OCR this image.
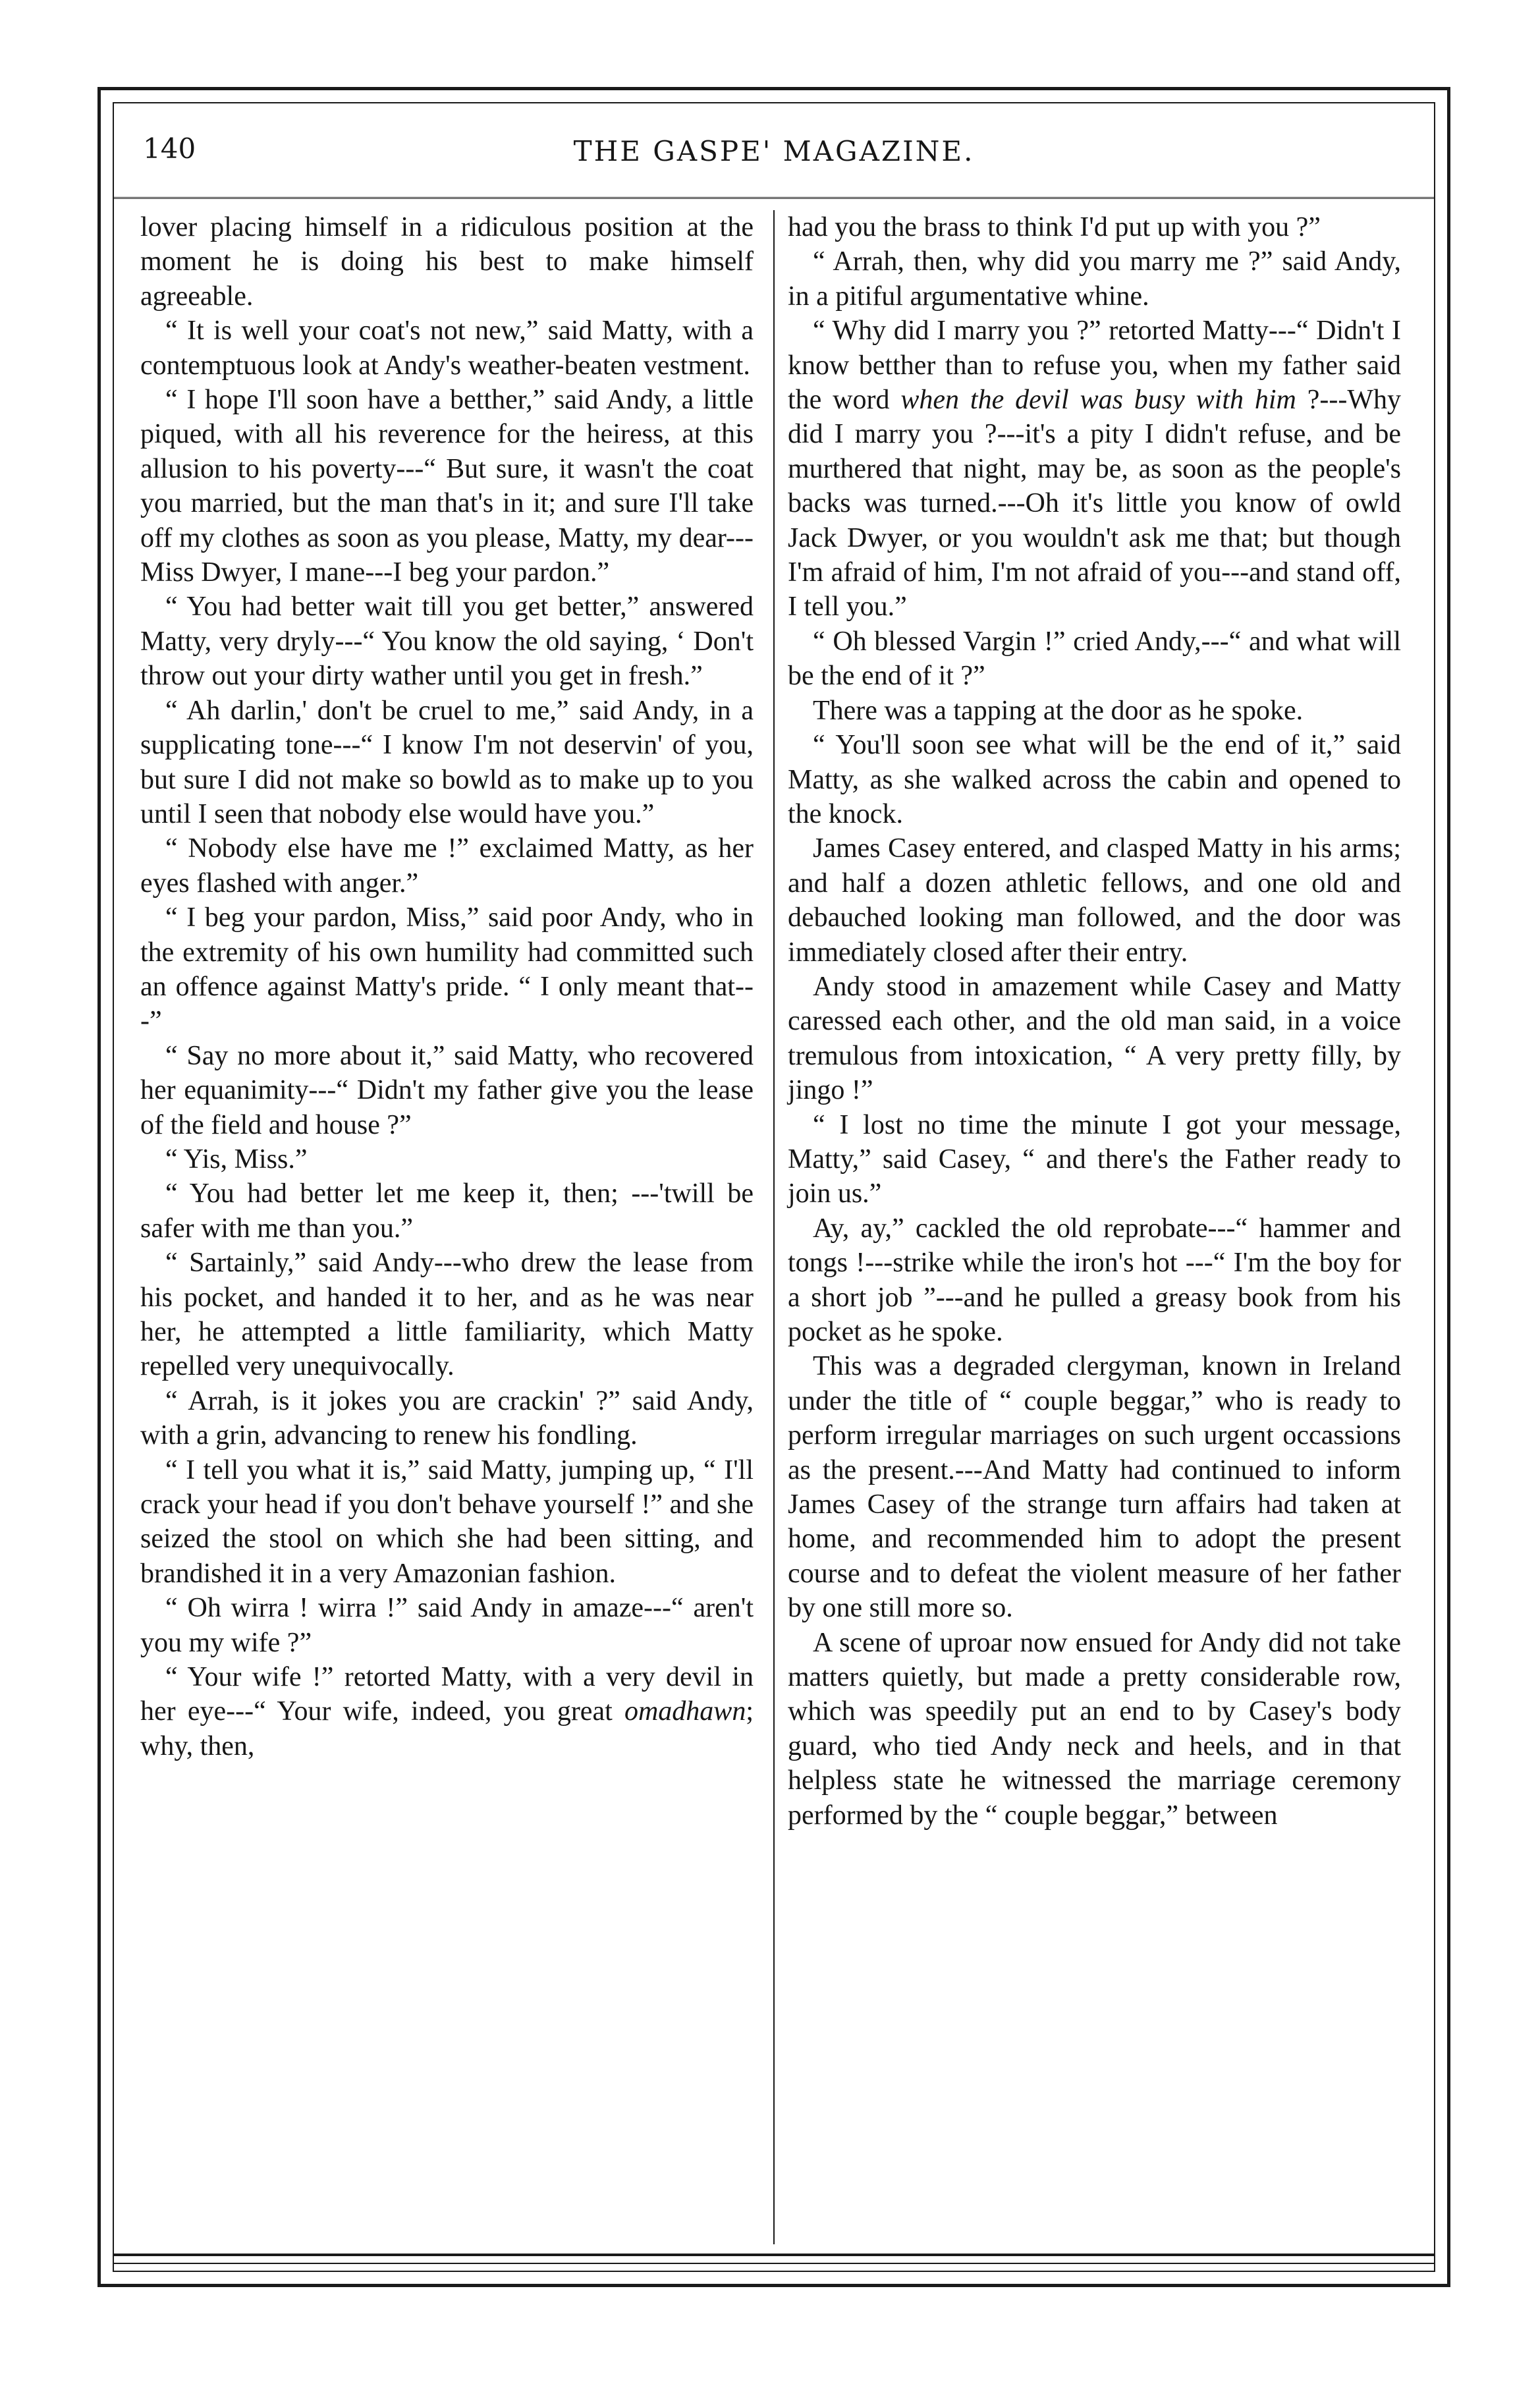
140	THE GASPE' MAGAZINE.

lover placing himself in a ridiculous position at the moment he is doing his best to make himself agreeable.

“ It is well your coat's not new,” said Matty, with a contemptuous look at Andy's weather-beaten vestment.

“ I hope I'll soon have a betther,” said Andy, a little piqued, with all his reverence for the heiress, at this allusion to his poverty---“ But sure, it wasn't the coat you married, but the man that's in it; and sure I'll take off my clothes as soon as you please, Matty, my dear---Miss Dwyer, I mane---I beg your pardon.”

“ You had better wait till you get better,” answered Matty, very dryly---“ You know the old saying, ‘ Don't throw out your dirty wather until you get in fresh.”

“ Ah darlin,' don't be cruel to me,” said Andy, in a supplicating tone---“ I know I'm not deservin' of you, but sure I did not make so bowld as to make up to you until I seen that nobody else would have you.”

“ Nobody else have me !” exclaimed Matty, as her eyes flashed with anger.”

“ I beg your pardon, Miss,” said poor Andy, who in the extremity of his own humility had committed such an offence against Matty's pride. “ I only meant that---”

“ Say no more about it,” said Matty, who recovered her equanimity---“ Didn't my father give you the lease of the field and house ?”

“ Yis, Miss.”

“ You had better let me keep it, then; ---'twill be safer with me than you.”

“ Sartainly,” said Andy---who drew the lease from his pocket, and handed it to her, and as he was near her, he attempted a little familiarity, which Matty repelled very unequivocally.

“ Arrah, is it jokes you are crackin' ?” said Andy, with a grin, advancing to renew his fondling.

“ I tell you what it is,” said Matty, jumping up, “ I'll crack your head if you don't behave yourself !” and she seized the stool on which she had been sitting, and brandished it in a very Amazonian fashion.

“ Oh wirra ! wirra !” said Andy in amaze---“ aren't you my wife ?”

“ Your wife !” retorted Matty, with a very devil in her eye---“ Your wife, indeed, you great omadhawn; why, then,

had you the brass to think I'd put up with you ?”

“ Arrah, then, why did you marry me ?” said Andy, in a pitiful argumentative whine.

“ Why did I marry you ?” retorted Matty---“ Didn't I know betther than to refuse you, when my father said the word when the devil was busy with him ?---Why did I marry you ?---it's a pity I didn't refuse, and be murthered that night, may be, as soon as the people's backs was turned.---Oh it's little you know of owld Jack Dwyer, or you wouldn't ask me that; but though I'm afraid of him, I'm not afraid of you---and stand off, I tell you.”

“ Oh blessed Vargin !” cried Andy,---“ and what will be the end of it ?”

There was a tapping at the door as he spoke.

“ You'll soon see what will be the end of it,” said Matty, as she walked across the cabin and opened to the knock.

James Casey entered, and clasped Matty in his arms; and half a dozen athletic fellows, and one old and debauched looking man followed, and the door was immediately closed after their entry.

Andy stood in amazement while Casey and Matty caressed each other, and the old man said, in a voice tremulous from intoxication, “ A very pretty filly, by jingo !”

“ I lost no time the minute I got your message, Matty,” said Casey, “ and there's the Father ready to join us.”

Ay, ay,” cackled the old reprobate---“ hammer and tongs !---strike while the iron's hot ---“ I'm the boy for a short job ”---and he pulled a greasy book from his pocket as he spoke.

This was a degraded clergyman, known in Ireland under the title of “ couple beggar,” who is ready to perform irregular marriages on such urgent occassions as the present.---And Matty had continued to inform James Casey of the strange turn affairs had taken at home, and recommended him to adopt the present course and to defeat the violent measure of her father by one still more so.

A scene of uproar now ensued for Andy did not take matters quietly, but made a pretty considerable row, which was speedily put an end to by Casey's body guard, who tied Andy neck and heels, and in that helpless state he witnessed the marriage ceremony performed by the “ couple beggar,” between
